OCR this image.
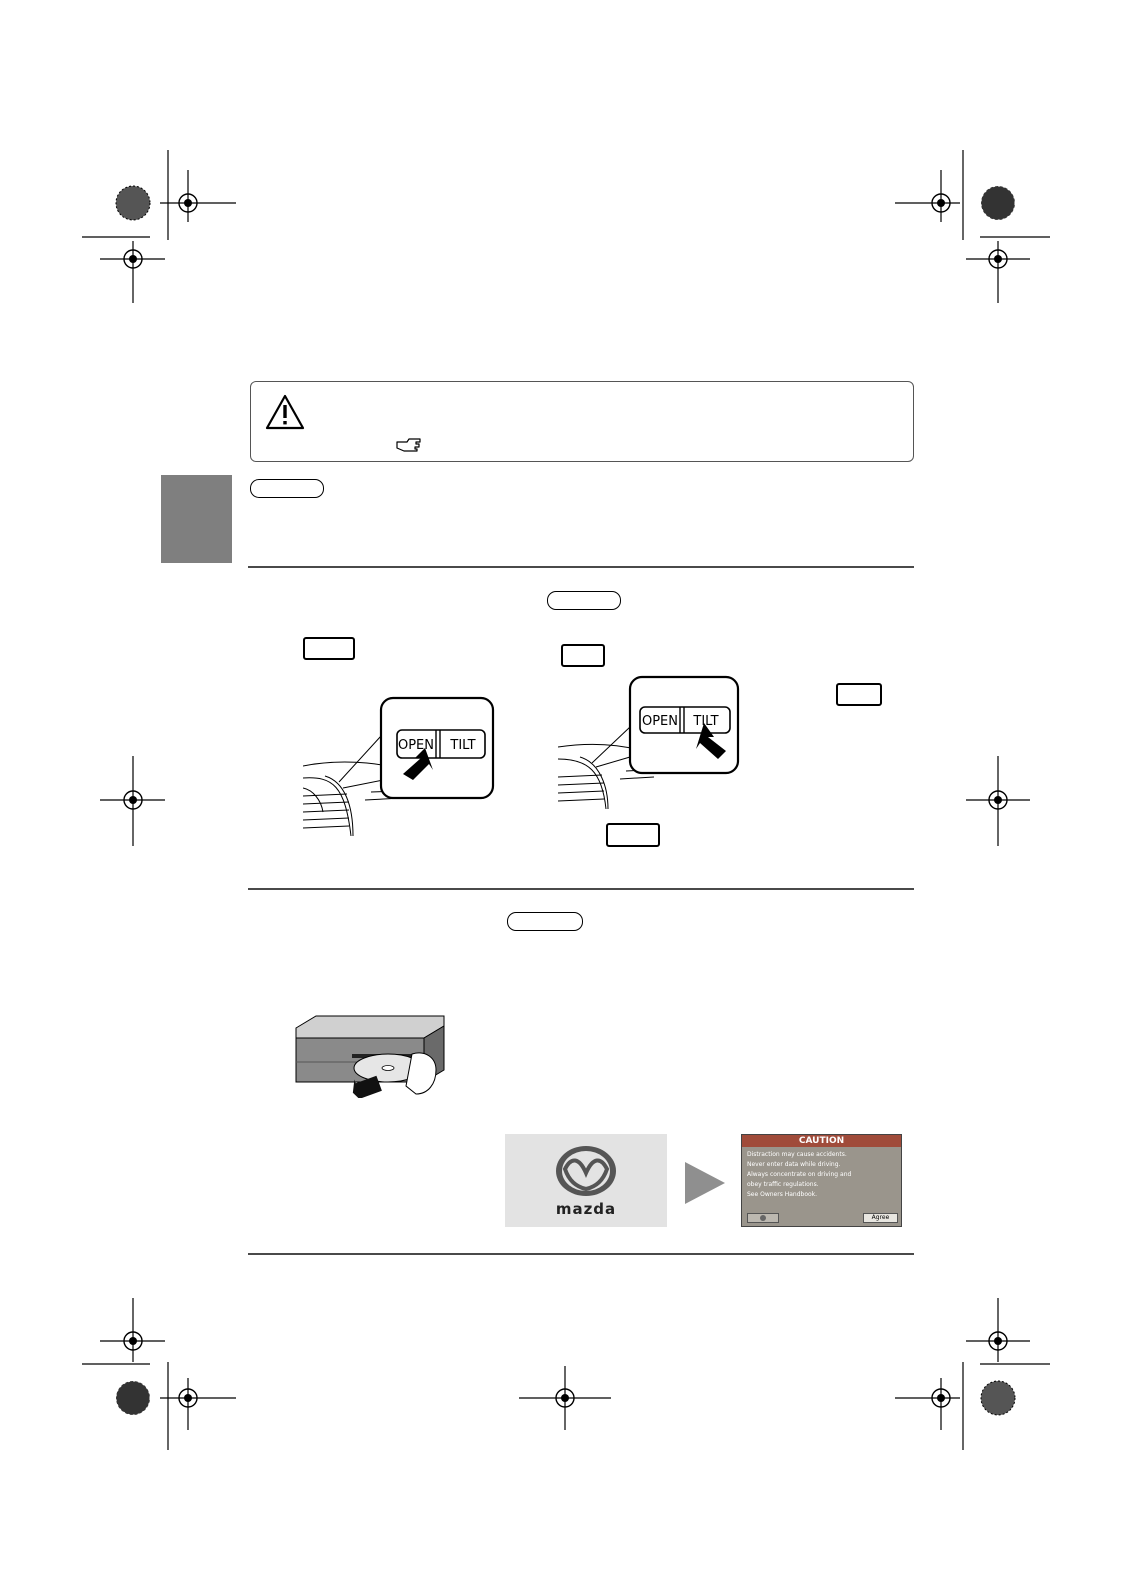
OPEN TILT
OPEN TILT
mazda
CAUTION
Distraction may cause accidents.
Never enter data while driving.
Always concentrate on driving and
obey traffic regulations.
See Owners Handbook.
Agree
